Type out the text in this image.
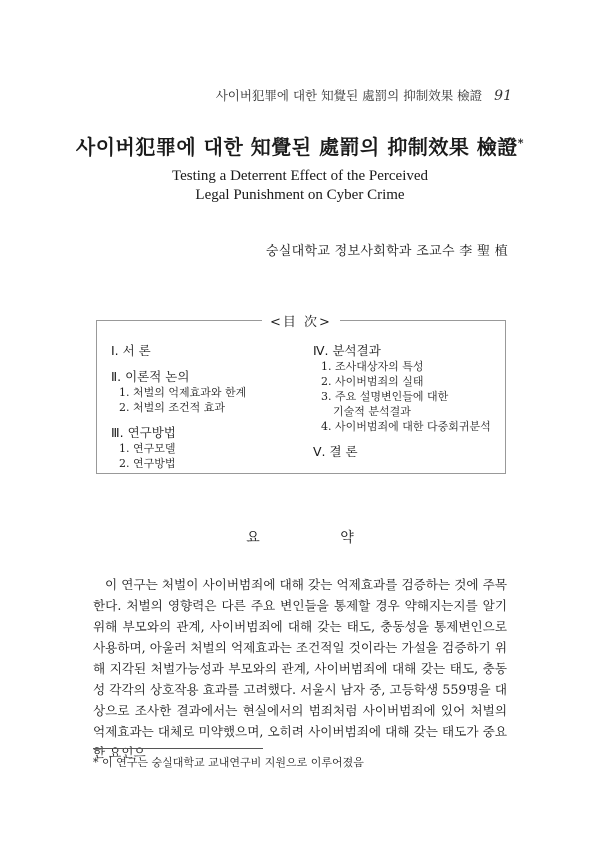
사이버犯罪에 대한 知覺된 處罰의 抑制效果 檢證 91
사이버犯罪에 대한 知覺된 處罰의 抑制效果 檢證*
Testing a Deterrent Effect of the Perceived
Legal Punishment on Cyber Crime
숭실대학교 정보사회학과 조교수 李 聖 植
<目 次>
Ⅰ. 서 론
Ⅱ. 이론적 논의
1. 처벌의 억제효과와 한계
2. 처벌의 조건적 효과
Ⅲ. 연구방법
1. 연구모델
2. 연구방법
Ⅳ. 분석결과
1. 조사대상자의 특성
2. 사이버범죄의 실태
3. 주요 설명변인들에 대한
기술적 분석결과
4. 사이버범죄에 대한 다중회귀분석
Ⅴ. 결 론
요 약

이 연구는 처벌이 사이버범죄에 대해 갖는 억제효과를 검증하는 것에 주목한다. 처벌의 영향력은 다른 주요 변인들을 통제할 경우 약해지는지를 알기 위해 부모와의 관계, 사이버범죄에 대해 갖는 태도, 충동성을 통제변인으로 사용하며, 아울러 처벌의 억제효과는 조건적일 것이라는 가설을 검증하기 위해 지각된 처벌가능성과 부모와의 관계, 사이버범죄에 대해 갖는 태도, 충동성 각각의 상호작용 효과를 고려했다. 서울시 남자 중, 고등학생 559명을 대상으로 조사한 결과에서는 현실에서의 범죄처럼 사이버범죄에 있어 처벌의 억제효과는 대체로 미약했으며, 오히려 사이버범죄에 대해 갖는 태도가 중요한 요인으

* 이 연구는 숭실대학교 교내연구비 지원으로 이루어졌음
